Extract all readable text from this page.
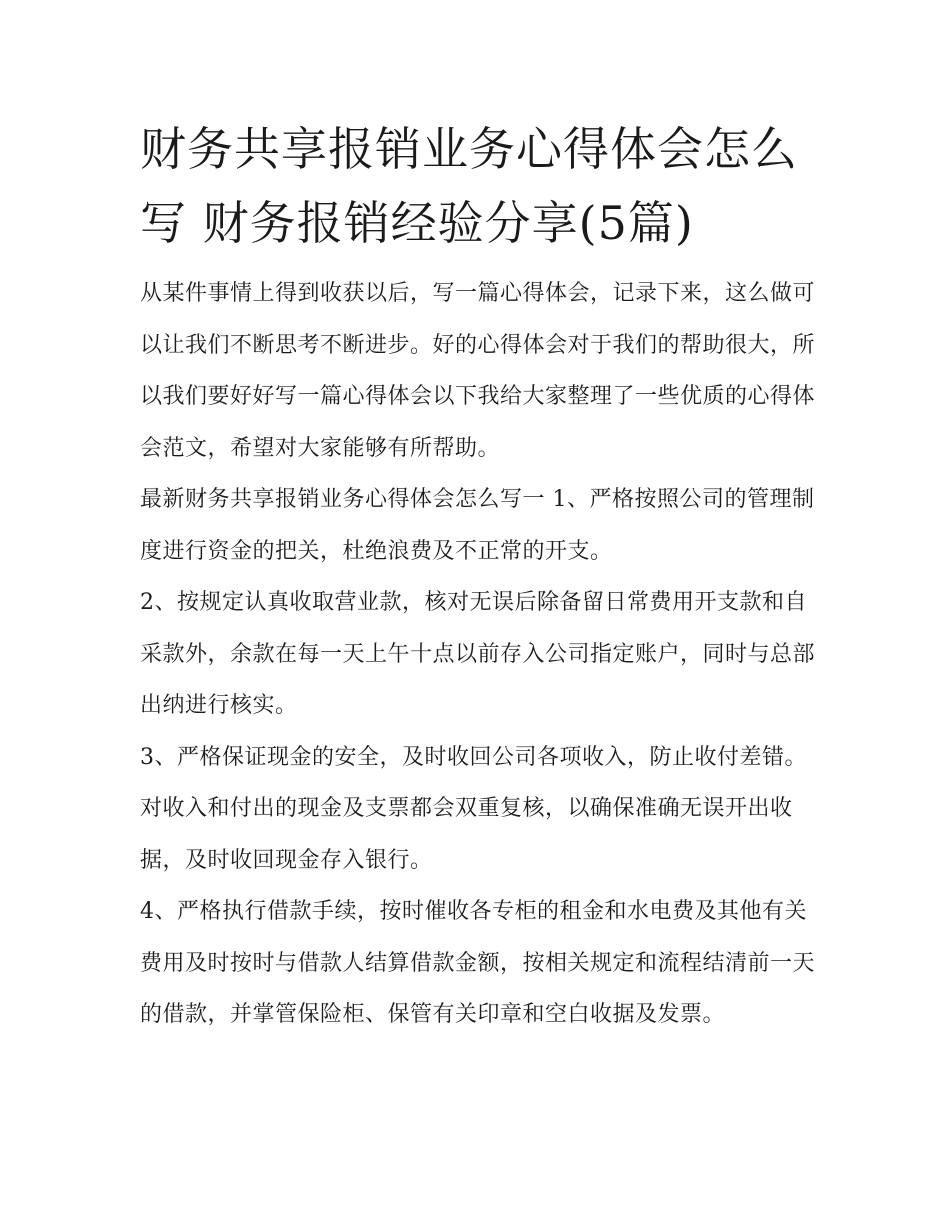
财务共享报销业务心得体会怎么写 财务报销经验分享(5篇)

从某件事情上得到收获以后，写一篇心得体会，记录下来，这么做可以让我们不断思考不断进步。好的心得体会对于我们的帮助很大，所以我们要好好写一篇心得体会以下我给大家整理了一些优质的心得体会范文，希望对大家能够有所帮助。

最新财务共享报销业务心得体会怎么写一 1、严格按照公司的管理制度进行资金的把关，杜绝浪费及不正常的开支。

2、按规定认真收取营业款，核对无误后除备留日常费用开支款和自采款外，余款在每一天上午十点以前存入公司指定账户，同时与总部出纳进行核实。

3、严格保证现金的安全，及时收回公司各项收入，防止收付差错。对收入和付出的现金及支票都会双重复核，以确保准确无误开出收据，及时收回现金存入银行。

4、严格执行借款手续，按时催收各专柜的租金和水电费及其他有关费用及时按时与借款人结算借款金额，按相关规定和流程结清前一天的借款，并掌管保险柜、保管有关印章和空白收据及发票。
